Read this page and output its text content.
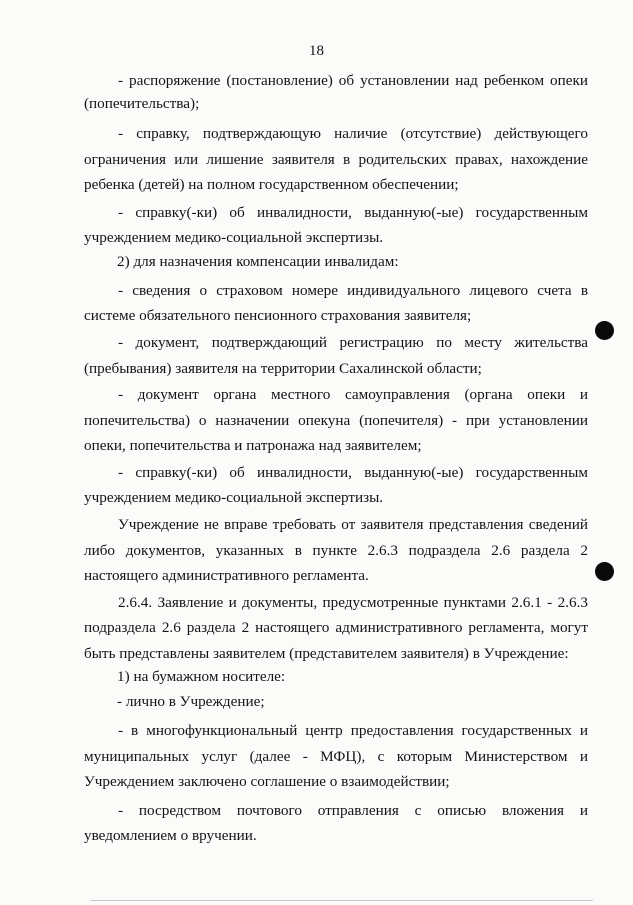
18
- распоряжение (постановление) об установлении над ребенком опеки
(попечительства);
- справку, подтверждающую наличие (отсутствие) действующего
ограничения или лишение заявителя в родительских правах, нахождение
ребенка (детей) на полном государственном обеспечении;
- справку(-ки) об инвалидности, выданную(-ые) государственным
учреждением медико-социальной экспертизы.
2) для назначения компенсации инвалидам:
- сведения о страховом номере индивидуального лицевого счета в
системе обязательного пенсионного страхования заявителя;
- документ, подтверждающий регистрацию по месту жительства
(пребывания) заявителя на территории Сахалинской области;
- документ органа местного самоуправления (органа опеки и
попечительства) о назначении опекуна (попечителя) - при установлении
опеки, попечительства и патронажа над заявителем;
- справку(-ки) об инвалидности, выданную(-ые) государственным
учреждением медико-социальной экспертизы.
Учреждение не вправе требовать от заявителя представления сведений
либо документов, указанных в пункте 2.6.3 подраздела 2.6 раздела 2
настоящего административного регламента.
2.6.4. Заявление и документы, предусмотренные пунктами 2.6.1 - 2.6.3
подраздела 2.6 раздела 2 настоящего административного регламента, могут
быть представлены заявителем (представителем заявителя) в Учреждение:
1) на бумажном носителе:
- лично в Учреждение;
- в многофункциональный центр предоставления государственных и
муниципальных услуг (далее - МФЦ), с которым Министерством и
Учреждением заключено соглашение о взаимодействии;
- посредством почтового отправления с описью вложения и
уведомлением о вручении.
